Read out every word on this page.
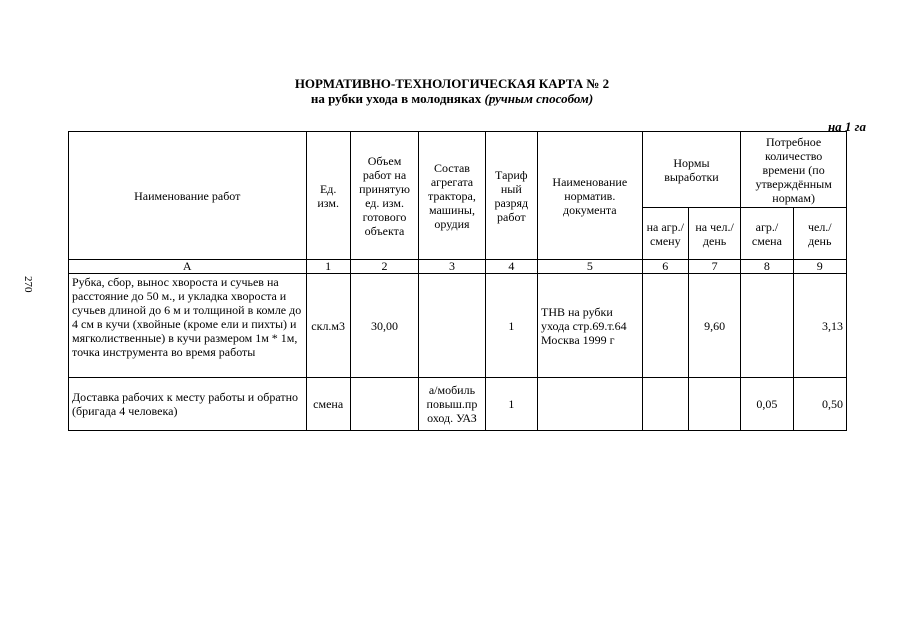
НОРМАТИВНО-ТЕХНОЛОГИЧЕСКАЯ КАРТА № 2
на рубки ухода в молодняках (ручным способом)
на 1 га
270
Наименование работ	Ед. изм.	Объем работ на принятую ед. изм. готового объекта	Состав агрегата трактора, машины, орудия	Тариф ный разряд работ	Наименование норматив. документа	Нормы выработки		Потребное количество времени (по утверждённым нормам)	
						на агр./ смену	на чел./ день	агр./ смена	чел./ день
А	1	2	3	4	5	6	7	8	9
Рубка, сбор, вынос хвороста и сучьев на расстояние до 50 м., и укладка хвороста и сучьев длиной до 6 м и толщиной в комле до 4 см в кучи (хвойные (кроме ели и пихты) и мягколиственные) в кучи размером 1м * 1м, точка инструмента во время работы	скл.м3	30,00		1	ТНВ на рубки ухода стр.69.т.64 Москва 1999 г		9,60		3,13
Доставка рабочих к месту работы и обратно (бригада 4 человека)	смена		а/мобиль повыш.пр оход. УАЗ	1				0,05	0,50
